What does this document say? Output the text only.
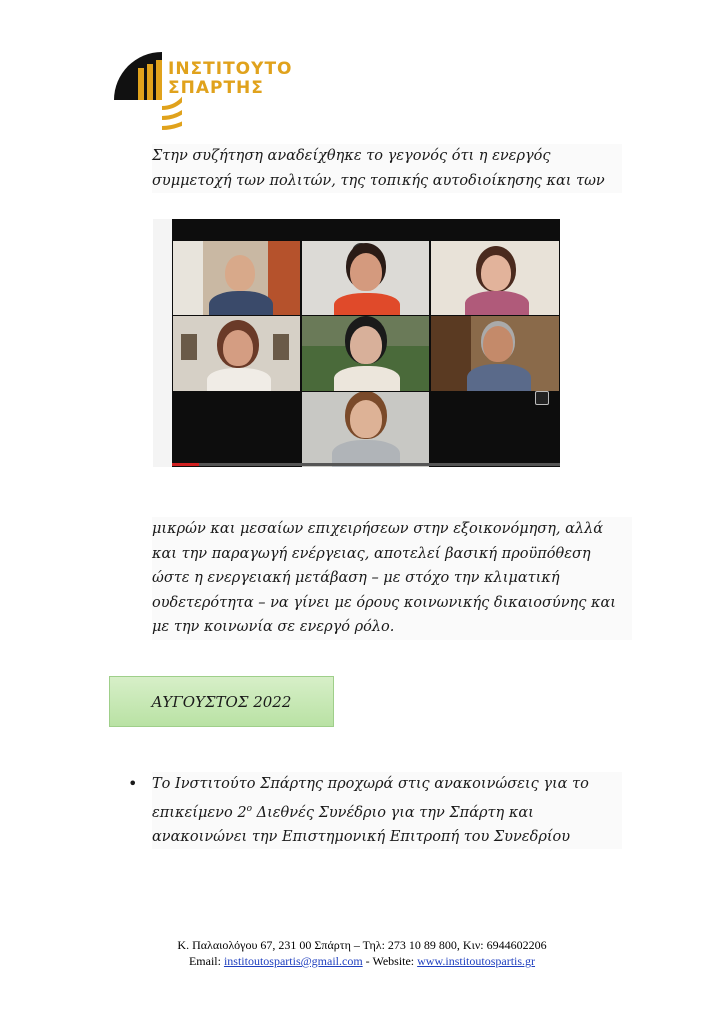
ΙΝΣΤΙΤΟΥΤΟ
ΣΠΑΡΤΗΣ
Στην συζήτηση αναδείχθηκε το γεγονός ότι η ενεργός
συμμετοχή των πολιτών, της τοπικής αυτοδιοίκησης και των
μικρών και μεσαίων επιχειρήσεων στην εξοικονόμηση, αλλά
και την παραγωγή ενέργειας, αποτελεί βασική προϋπόθεση
ώστε η ενεργειακή μετάβαση – με στόχο την κλιματική
ουδετερότητα – να γίνει με όρους κοινωνικής δικαιοσύνης και
με την κοινωνία σε ενεργό ρόλο.
ΑΥΓΟΥΣΤΟΣ 2022
• Το Ινστιτούτο Σπάρτης προχωρά στις ανακοινώσεις για το
επικείμενο $2^o$ Διεθνές Συνέδριο για την Σπάρτη και
ανακοινώνει την Επιστημονική Επιτροπή του Συνεδρίου
Κ. Παλαιολόγου 67, 231 00 Σπάρτη – Τηλ: 273 10 89 800, Κιν: 6944602206
Email: institoutospartis@gmail.com - Website: www.institoutospartis.gr
